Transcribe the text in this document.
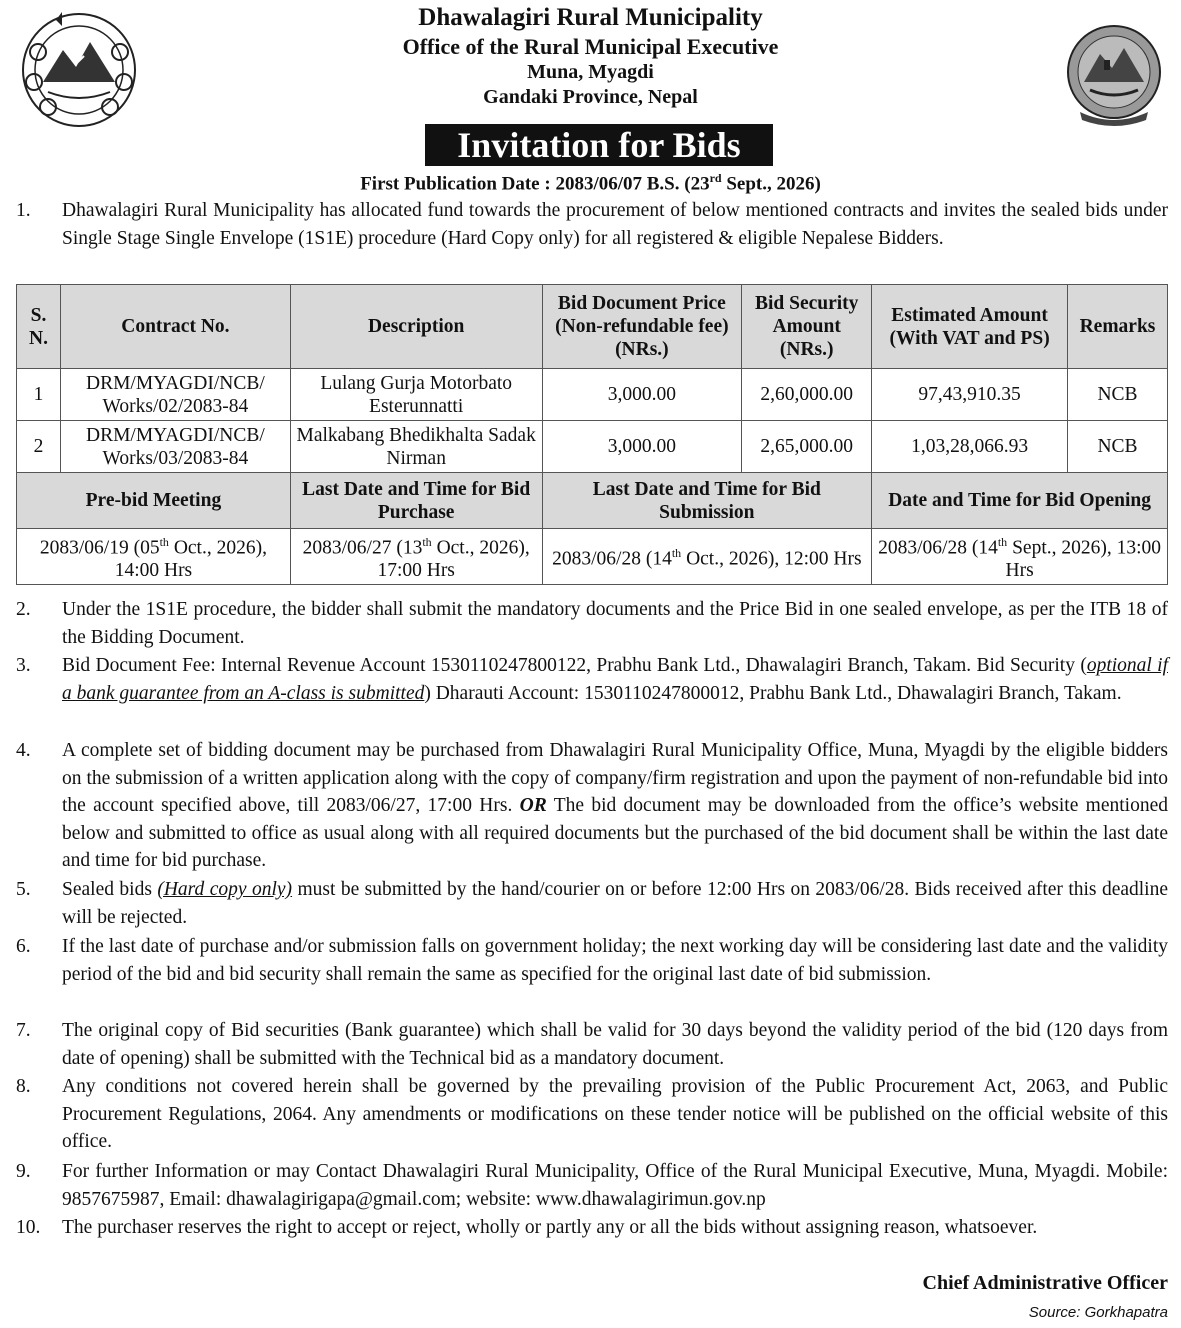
Dhawalagiri Rural Municipality
Office of the Rural Municipal Executive
Muna, Myagdi
Gandaki Province, Nepal
Invitation for Bids
First Publication Date : 2083/06/07 B.S. (23rd Sept., 2026)
1. Dhawalagiri Rural Municipality has allocated fund towards the procurement of below mentioned contracts and invites the sealed bids under Single Stage Single Envelope (1S1E) procedure (Hard Copy only) for all registered & eligible Nepalese Bidders.
S. N.	Contract No.	Description	Bid Document Price (Non-refundable fee) (NRs.)	Bid Security Amount (NRs.)	Estimated Amount (With VAT and PS)	Remarks
1	DRM/MYAGDI/NCB/ Works/02/2083-84	Lulang Gurja Motorbato Esterunnatti	3,000.00	2,60,000.00	97,43,910.35	NCB
2	DRM/MYAGDI/NCB/ Works/03/2083-84	Malkabang Bhedikhalta Sadak Nirman	3,000.00	2,65,000.00	1,03,28,066.93	NCB
Pre-bid Meeting		Last Date and Time for Bid Purchase	Last Date and Time for Bid Submission		Date and Time for Bid Opening	
2083/06/19 (05th Oct., 2026), 14:00 Hrs		2083/06/27 (13th Oct., 2026), 17:00 Hrs	2083/06/28 (14th Oct., 2026), 12:00 Hrs		2083/06/28 (14th Sept., 2026), 13:00 Hrs	
2. Under the 1S1E procedure, the bidder shall submit the mandatory documents and the Price Bid in one sealed envelope, as per the ITB 18 of the Bidding Document.
3. Bid Document Fee: Internal Revenue Account 1530110247800122, Prabhu Bank Ltd., Dhawalagiri Branch, Takam. Bid Security (optional if a bank guarantee from an A-class is submitted) Dharauti Account: 1530110247800012, Prabhu Bank Ltd., Dhawalagiri Branch, Takam.
4. A complete set of bidding document may be purchased from Dhawalagiri Rural Municipality Office, Muna, Myagdi by the eligible bidders on the submission of a written application along with the copy of company/firm registration and upon the payment of non-refundable bid into the account specified above, till 2083/06/27, 17:00 Hrs. OR The bid document may be downloaded from the office’s website mentioned below and submitted to office as usual along with all required documents but the purchased of the bid document shall be within the last date and time for bid purchase.
5. Sealed bids (Hard copy only) must be submitted by the hand/courier on or before 12:00 Hrs on 2083/06/28. Bids received after this deadline will be rejected.
6. If the last date of purchase and/or submission falls on government holiday; the next working day will be considering last date and the validity period of the bid and bid security shall remain the same as specified for the original last date of bid submission.
7. The original copy of Bid securities (Bank guarantee) which shall be valid for 30 days beyond the validity period of the bid (120 days from date of opening) shall be submitted with the Technical bid as a mandatory document.
8. Any conditions not covered herein shall be governed by the prevailing provision of the Public Procurement Act, 2063, and Public Procurement Regulations, 2064. Any amendments or modifications on these tender notice will be published on the official website of this office.
9. For further Information or may Contact Dhawalagiri Rural Municipality, Office of the Rural Municipal Executive, Muna, Myagdi. Mobile: 9857675987, Email: dhawalagirigapa@gmail.com; website: www.dhawalagirimun.gov.np
10. The purchaser reserves the right to accept or reject, wholly or partly any or all the bids without assigning reason, whatsoever.
Chief Administrative Officer
Source: Gorkhapatra
